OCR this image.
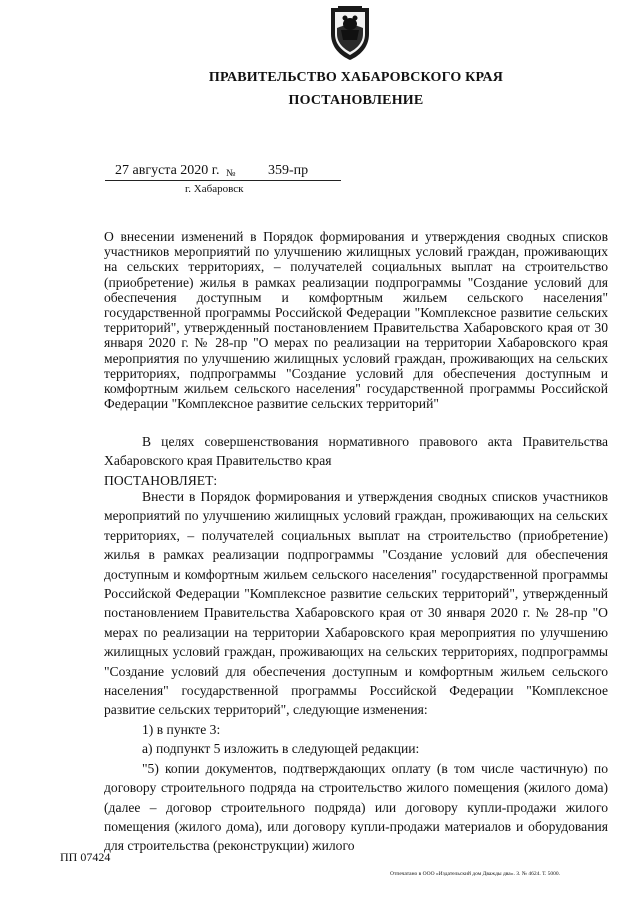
ПРАВИТЕЛЬСТВО ХАБАРОВСКОГО КРАЯ
ПОСТАНОВЛЕНИЕ
27 августа 2020 г. № 359-пр
г. Хабаровск
О внесении изменений в Порядок формирования и утверждения сводных списков участников мероприятий по улучшению жилищных условий граждан, проживающих на сельских территориях, – получателей социальных выплат на строительство (приобретение) жилья в рамках реализации подпрограммы "Создание условий для обеспечения доступным и комфортным жильем сельского населения" государственной программы Российской Федерации "Комплексное развитие сельских территорий", утвержденный постановлением Правительства Хабаровского края от 30 января 2020 г. № 28-пр "О мерах по реализации на территории Хабаровского края мероприятия по улучшению жилищных условий граждан, проживающих на сельских территориях, подпрограммы "Создание условий для обеспечения доступным и комфортным жильем сельского населения" государственной программы Российской Федерации "Комплексное развитие сельских территорий"

В целях совершенствования нормативного правового акта Правительства Хабаровского края Правительство края

ПОСТАНОВЛЯЕТ:

Внести в Порядок формирования и утверждения сводных списков участников мероприятий по улучшению жилищных условий граждан, проживающих на сельских территориях, – получателей социальных выплат на строительство (приобретение) жилья в рамках реализации подпрограммы "Создание условий для обеспечения доступным и комфортным жильем сельского населения" государственной программы Российской Федерации "Комплексное развитие сельских территорий", утвержденный постановлением Правительства Хабаровского края от 30 января 2020 г. № 28-пр "О мерах по реализации на территории Хабаровского края мероприятия по улучшению жилищных условий граждан, проживающих на сельских территориях, подпрограммы "Создание условий для обеспечения доступным и комфортным жильем сельского населения" государственной программы Российской Федерации "Комплексное развитие сельских территорий", следующие изменения:

1) в пункте 3:

а) подпункт 5 изложить в следующей редакции:

"5) копии документов, подтверждающих оплату (в том числе частичную) по договору строительного подряда на строительство жилого помещения (жилого дома) (далее – договор строительного подряда) или договору купли-продажи жилого помещения (жилого дома), или договору купли-продажи материалов и оборудования для строительства (реконструкции) жилого

ПП 07424
Отпечатано в ООО «Издательский дом Дважды два». З. № 4624. Т. 5000.
